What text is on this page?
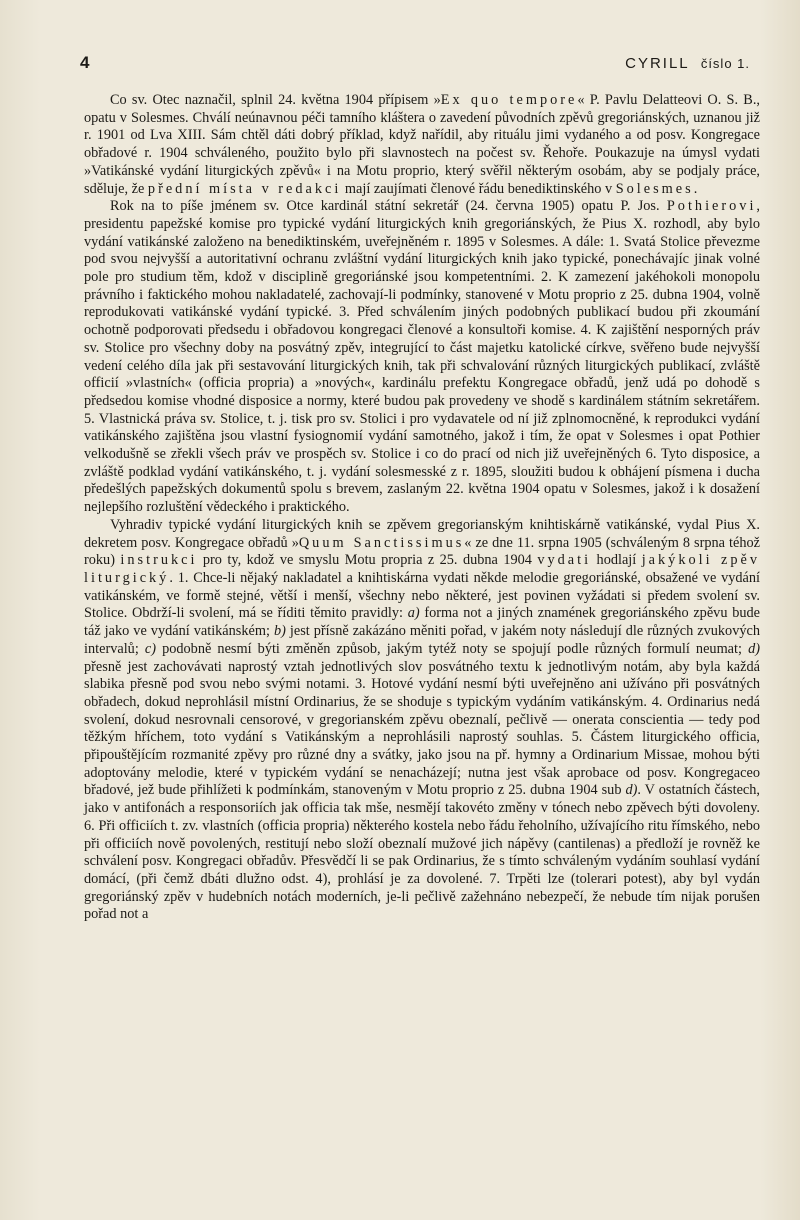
4	CYRILL číslo 1.

Co sv. Otec naznačil, splnil 24. května 1904 přípisem »Ex quo tempore« P. Pavlu Delatteovi O. S. B., opatu v Solesmes. Chválí neúnavnou péči tamního kláštera o zavedení původních zpěvů gregoriánských, uznanou již r. 1901 od Lva XIII. Sám chtěl dáti dobrý příklad, když nařídil, aby rituálu jimi vydaného a od posv. Kongregace obřadové r. 1904 schváleného, použito bylo při slavnostech na počest sv. Řehoře. Poukazuje na úmysl vydati »Vatikánské vydání liturgických zpěvů« i na Motu proprio, který svěřil některým osobám, aby se podjaly práce, sděluje, že přední místa v redakci mají zaujímati členové řádu benediktinského v Solesmes.

Rok na to píše jménem sv. Otce kardinál státní sekretář (24. června 1905) opatu P. Jos. Pothierovi, presidentu papežské komise pro typické vydání liturgických knih gregoriánských, že Pius X. rozhodl, aby bylo vydání vatikánské založeno na benediktinském, uveřejněném r. 1895 v Solesmes. A dále: 1. Svatá Stolice převezme pod svou nejvyšší a autoritativní ochranu zvláštní vydání liturgických knih jako typické, ponechávajíc jinak volné pole pro studium těm, kdož v disciplině gregoriánské jsou kompetentními. 2. K zamezení jakéhokoli monopolu právního i faktického mohou nakladatelé, zachovají-li podmínky, stanovené v Motu proprio z 25. dubna 1904, volně reprodukovati vatikánské vydání typické. 3. Před schválením jiných podobných publikací budou při zkoumání ochotně podporovati předsedu i obřadovou kongregaci členové a konsultoři komise. 4. K zajištění nesporných práv sv. Stolice pro všechny doby na posvátný zpěv, integrující to část majetku katolické církve, svěřeno bude nejvyšší vedení celého díla jak při sestavování liturgických knih, tak při schvalování různých liturgických publikací, zvláště officií »vlastních« (officia propria) a »nových«, kardinálu prefektu Kongregace obřadů, jenž udá po dohodě s předsedou komise vhodné disposice a normy, které budou pak provedeny ve shodě s kardinálem státním sekretářem. 5. Vlastnická práva sv. Stolice, t. j. tisk pro sv. Stolici i pro vydavatele od ní již zplnomocněné, k reprodukci vydání vatikánského zajištěna jsou vlastní fysiognomií vydání samotného, jakož i tím, že opat v Solesmes i opat Pothier velkodušně se zřekli všech práv ve prospěch sv. Stolice i co do prací od nich již uveřejněných 6. Tyto disposice, a zvláště podklad vydání vatikánského, t. j. vydání solesmesské z r. 1895, sloužiti budou k obhájení písmena i ducha předešlých papežských dokumentů spolu s brevem, zaslaným 22. května 1904 opatu v Solesmes, jakož i k dosažení nejlepšího rozluštění vědeckého i praktického.

Vyhradiv typické vydání liturgických knih se zpěvem gregorianským knihtiskárně vatikánské, vydal Pius X. dekretem posv. Kongregace obřadů »Quum Sanctissimus« ze dne 11. srpna 1905 (schváleným 8 srpna téhož roku) instrukci pro ty, kdož ve smyslu Motu propria z 25. dubna 1904 vydati hodlají jakýkoli zpěv liturgický. 1. Chce-li nějaký nakladatel a knihtiskárna vydati někde melodie gregoriánské, obsažené ve vydání vatikánském, ve formě stejné, větší i menší, všechny nebo některé, jest povinen vyžádati si předem svolení sv. Stolice. Obdrží-li svolení, má se říditi těmito pravidly: a) forma not a jiných znamének gregoriánského zpěvu bude táž jako ve vydání vatikánském; b) jest přísně zakázáno měniti pořad, v jakém noty následují dle různých zvukových intervalů; c) podobně nesmí býti změněn způsob, jakým tytéž noty se spojují podle různých formulí neumat; d) přesně jest zachovávati naprostý vztah jednotlivých slov posvátného textu k jednotlivým notám, aby byla každá slabika přesně pod svou nebo svými notami. 3. Hotové vydání nesmí býti uveřejněno ani užíváno při posvátných obřadech, dokud neprohlásil místní Ordinarius, že se shoduje s typickým vydáním vatikánským. 4. Ordinarius nedá svolení, dokud nesrovnali censorové, v gregorianském zpěvu obeznalí, pečlivě — onerata conscientia — tedy pod těžkým hříchem, toto vydání s Vatikánským a neprohlásili naprostý souhlas. 5. Částem liturgického officia, připouštějícím rozmanité zpěvy pro různé dny a svátky, jako jsou na př. hymny a Ordinarium Missae, mohou býti adoptovány melodie, které v typickém vydání se nenacházejí; nutna jest však aprobace od posv. Kongregaceo břadové, jež bude přihlížeti k podmínkám, stanoveným v Motu proprio z 25. dubna 1904 sub d). V ostatních částech, jako v antifonách a responsoriích jak officia tak mše, nesmějí takovéto změny v tónech nebo zpěvech býti dovoleny. 6. Při officiích t. zv. vlastních (officia propria) některého kostela nebo řádu řeholního, užívajícího ritu římského, nebo při officiích nově povolených, restitují nebo složí obeznalí mužové jich nápěvy (cantilenas) a předloží je rovněž ke schválení posv. Kongregaci obřadův. Přesvědčí li se pak Ordinarius, že s tímto schváleným vydáním souhlasí vydání domácí, (při čemž dbáti dlužno odst. 4), prohlásí je za dovolené. 7. Trpěti lze (tolerari potest), aby byl vydán gregoriánský zpěv v hudebních notách moderních, je-li pečlivě zažehnáno nebezpečí, že nebude tím nijak porušen pořad not a
